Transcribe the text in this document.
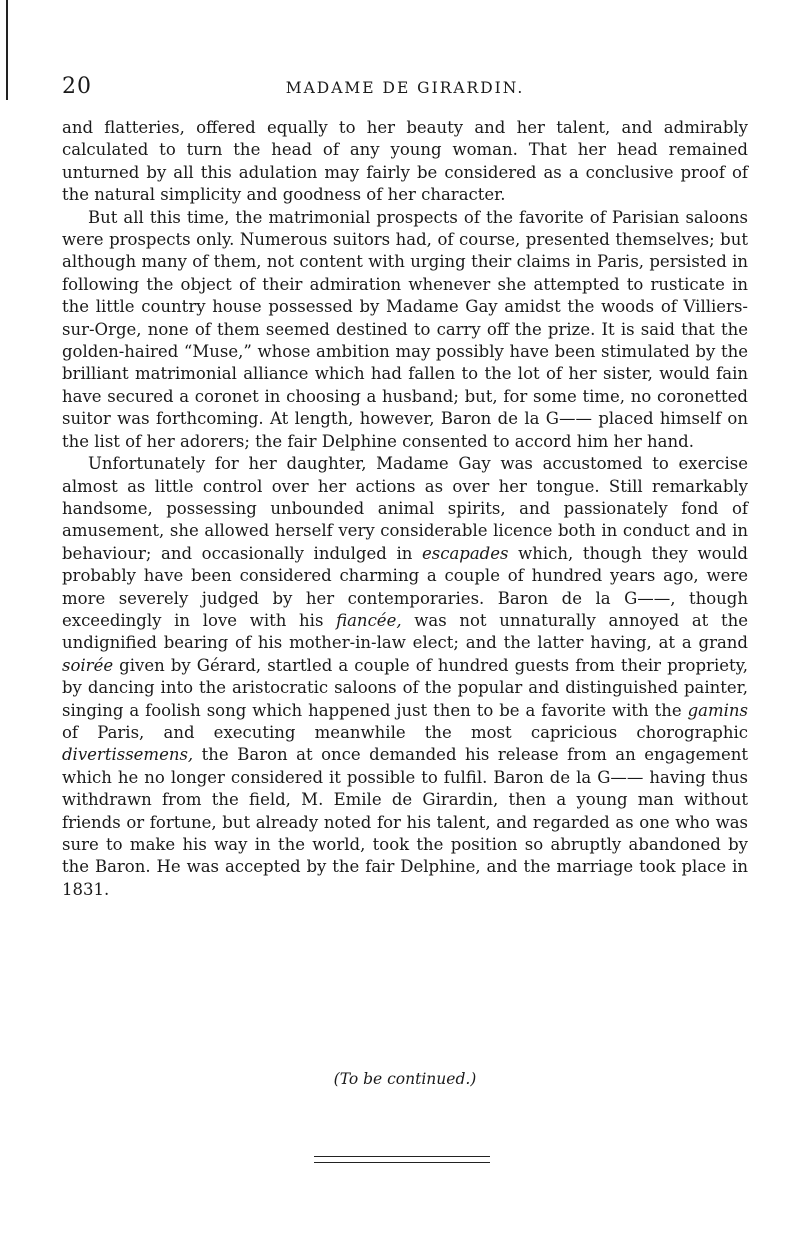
20	MADAME DE GIRARDIN.

and flatteries, offered equally to her beauty and her talent, and admirably calculated to turn the head of any young woman. That her head remained unturned by all this adulation may fairly be considered as a conclusive proof of the natural simplicity and goodness of her character.

But all this time, the matrimonial prospects of the favorite of Parisian saloons were prospects only. Numerous suitors had, of course, presented themselves; but although many of them, not content with urging their claims in Paris, persisted in following the object of their admiration whenever she attempted to rusticate in the little country house possessed by Madame Gay amidst the woods of Villiers-sur-Orge, none of them seemed destined to carry off the prize. It is said that the golden-haired “Muse,” whose ambition may possibly have been stimulated by the brilliant matrimonial alliance which had fallen to the lot of her sister, would fain have secured a coronet in choosing a husband; but, for some time, no coronetted suitor was forthcoming. At length, however, Baron de la G—— placed himself on the list of her adorers; the fair Delphine consented to accord him her hand.

Unfortunately for her daughter, Madame Gay was accustomed to exercise almost as little control over her actions as over her tongue. Still remarkably handsome, possessing unbounded animal spirits, and passionately fond of amusement, she allowed herself very considerable licence both in conduct and in behaviour; and occasionally indulged in escapades which, though they would probably have been considered charming a couple of hundred years ago, were more severely judged by her contemporaries. Baron de la G——, though exceedingly in love with his fiancée, was not unnaturally annoyed at the undignified bearing of his mother-in-law elect; and the latter having, at a grand soirée given by Gérard, startled a couple of hundred guests from their propriety, by dancing into the aristocratic saloons of the popular and distinguished painter, singing a foolish song which happened just then to be a favorite with the gamins of Paris, and executing meanwhile the most capricious chorographic divertissemens, the Baron at once demanded his release from an engagement which he no longer considered it possible to fulfil. Baron de la G—— having thus withdrawn from the field, M. Emile de Girardin, then a young man without friends or fortune, but already noted for his talent, and regarded as one who was sure to make his way in the world, took the position so abruptly abandoned by the Baron. He was accepted by the fair Delphine, and the marriage took place in 1831.

(To be continued.)
